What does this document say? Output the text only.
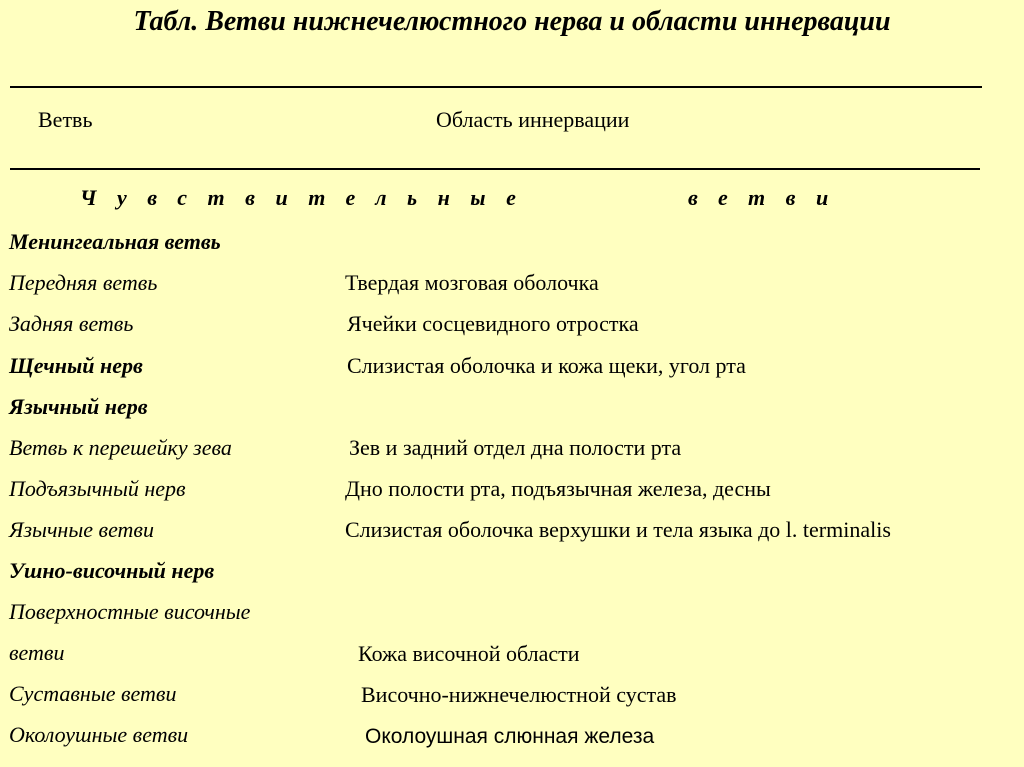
Табл. Ветви нижнечелюстного нерва и области иннервации
Ветвь	Область иннервации
Чувствительные	ветви
Менингеальная ветвь
Передняя ветвь	Твердая мозговая оболочка
Задняя ветвь	Ячейки сосцевидного отростка
Щечный нерв	Слизистая оболочка и кожа щеки, угол рта
Язычный нерв
Ветвь к перешейку зева	Зев и задний отдел дна полости рта
Подъязычный нерв	Дно полости рта, подъязычная железа, десны
Язычные ветви	Слизистая оболочка верхушки и тела языка до l. terminalis
Ушно-височный нерв
Поверхностные височные
ветви	Кожа височной области
Суставные ветви	Височно-нижнечелюстной сустав
Околоушные ветви	Околоушная слюнная железа
